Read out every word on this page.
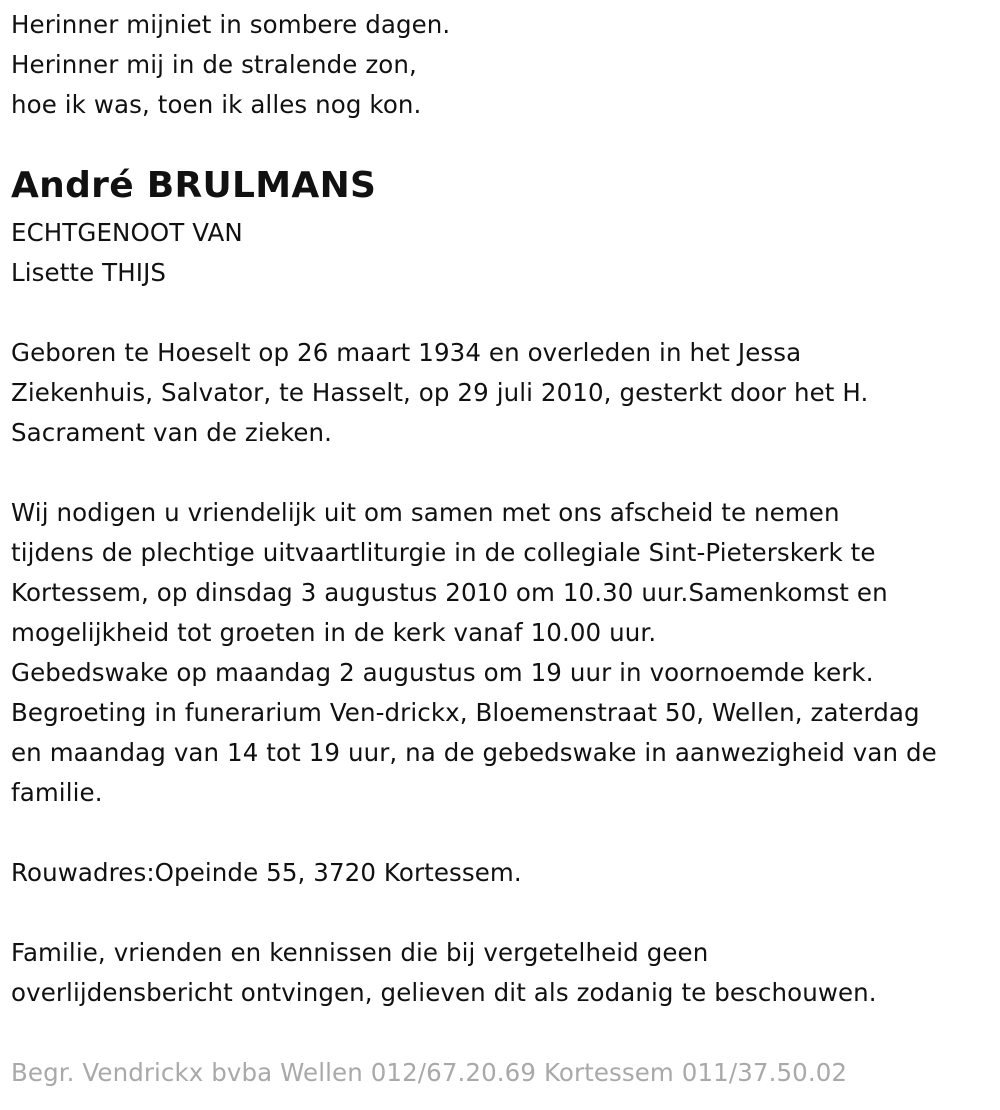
Herinner mijniet in sombere dagen.
Herinner mij in de stralende zon,
hoe ik was, toen ik alles nog kon.
André BRULMANS
ECHTGENOOT VAN
Lisette THIJS
Geboren te Hoeselt op 26 maart 1934 en overleden in het Jessa
Ziekenhuis, Salvator, te Hasselt, op 29 juli 2010, gesterkt door het H.
Sacrament van de zieken.
Wij nodigen u vriendelijk uit om samen met ons afscheid te nemen
tijdens de plechtige uitvaartliturgie in de collegiale Sint-Pieterskerk te
Kortessem, op dinsdag 3 augustus 2010 om 10.30 uur.Samenkomst en
mogelijkheid tot groeten in de kerk vanaf 10.00 uur.
Gebedswake op maandag 2 augustus om 19 uur in voornoemde kerk.
Begroeting in funerarium Ven-drickx, Bloemenstraat 50, Wellen, zaterdag
en maandag van 14 tot 19 uur, na de gebedswake in aanwezigheid van de
familie.
Rouwadres:Opeinde 55, 3720 Kortessem.
Familie, vrienden en kennissen die bij vergetelheid geen
overlijdensbericht ontvingen, gelieven dit als zodanig te beschouwen.
Begr. Vendrickx bvba Wellen 012/67.20.69 Kortessem 011/37.50.02
